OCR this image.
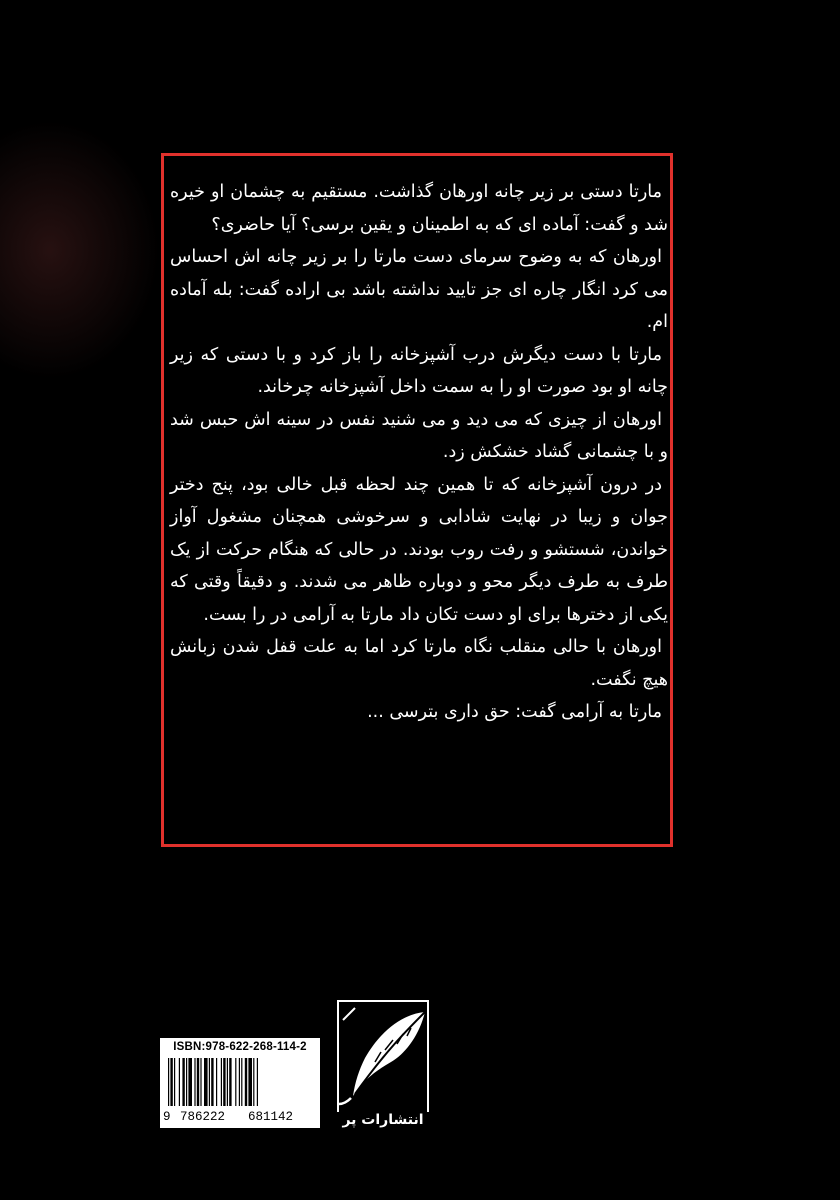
مارتا دستی بر زیر چانه اورهان گذاشت. مستقیم به چشمان او خیره شد و گفت: آماده ای که به اطمینان و یقین برسی؟ آیا حاضری؟

اورهان که به وضوح سرمای دست مارتا را بر زیر چانه اش احساس می کرد انگار چاره ای جز تایید نداشته باشد بی اراده گفت: بله آماده ام.

مارتا با دست دیگرش درب آشپزخانه را باز کرد و با دستی که زیر چانه او بود صورت او را به سمت داخل آشپزخانه چرخاند.

اورهان از چیزی که می دید و می شنید نفس در سینه اش حبس شد و با چشمانی گشاد خشکش زد.

در درون آشپزخانه که تا همین چند لحظه قبل خالی بود، پنج دختر جوان و زیبا در نهایت شادابی و سرخوشی همچنان مشغول آواز خواندن، شستشو و رفت روب بودند. در حالی که هنگام حرکت از یک طرف به طرف دیگر محو و دوباره ظاهر می شدند. و دقیقاً وقتی که یکی از دخترها برای او دست تکان داد مارتا به آرامی در را بست.

اورهان با حالی منقلب نگاه مارتا کرد اما به علت قفل شدن زبانش هیچ نگفت.

مارتا به آرامی گفت: حق داری بترسی ...

ISBN:978-622-268-114-2
9 786222 681142	انتشارات پر
